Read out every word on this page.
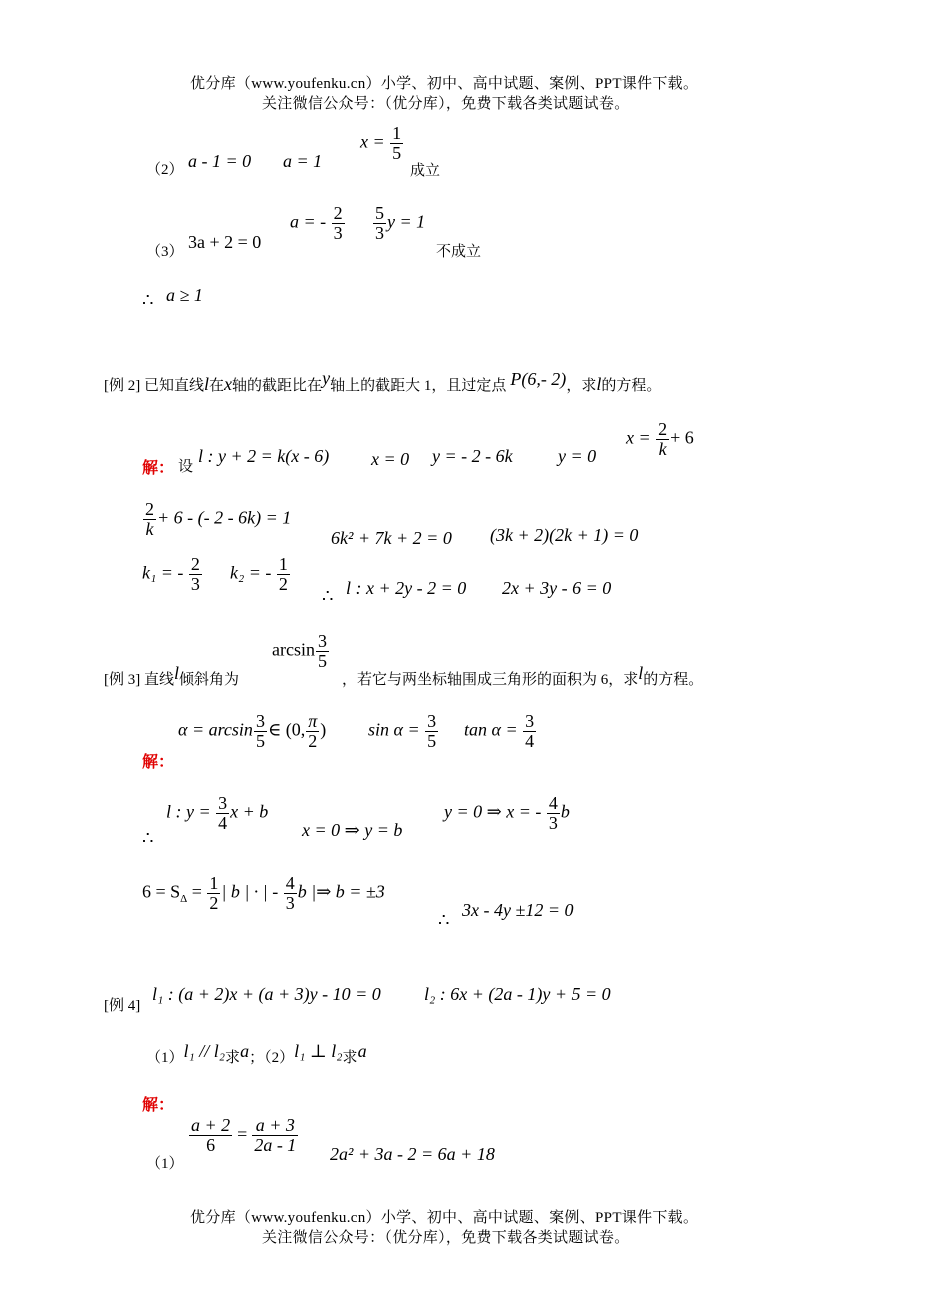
优分库（www.youfenku.cn）小学、初中、高中试题、案例、PPT课件下载。
关注微信公众号：（优分库），免费下载各类试题试卷。
（2） a - 1 = 0 a = 1
$x = \frac{1}{5}$
成立
（3） 3a + 2 = 0
a = - $\frac{2}{3} \frac{5}{3}$ y = 1
不成立
∴ a ≥ 1
[例 2] 已知直线l在x轴的截距比在y轴上的截距大 1，且过定点 P(6,- 2)，求l的方程。
解： 设
l : y + 2 = k(x - 6) x = 0 y = - 2 - 6k	y = 0
$x = \frac{2}{k} + 6$
$\frac{2}{k} + 6$ - (- 2 - 6k) = 1
6k² + 7k + 2 = 0 (3k + 2)(2k + 1) = 0
k₁ = - $\frac{2}{3} k_2$ = - $\frac{1}{2}$
∴ l : x + 2y - 2 = 0 2x + 3y - 6 = 0
[例 3] 直线l倾斜角为
$\arcsin \frac{3}{5}$
，若它与两坐标轴围成三角形的面积为 6，求l的方程。
解：
$\alpha = \arcsin \frac{3}{5}$ ∈ (0, $\frac{\pi}{2}$ ) $\sin \alpha = \frac{3}{5}$ $\tan \alpha = \frac{3}{4}$
∴
l : $y = \frac{3}{4}$ x + b
x = 0 ⇒ y = b
y = 0 ⇒ x = - $\frac{4}{3}$ b
$6 = S_\Delta = \frac{1}{2}$ | b | · | - $\frac{4}{3}$ b |⇒ b = ±3
∴ 3x - 4y ±12 = 0
[例 4]
l₁ : (a + 2)x + (a + 3)y - 10 = 0 l₂ : 6x + (2a - 1)y + 5 = 0
（1）l₁ // l₂求a；（2）l₁ ⊥ l₂求a
解：
（1）
$\frac{a + 2}{6} = \frac{a + 3}{2a - 1} 2a^2 + 3a - 2 = 6a + 18$
优分库（www.youfenku.cn）小学、初中、高中试题、案例、PPT课件下载。
关注微信公众号：（优分库），免费下载各类试题试卷。
